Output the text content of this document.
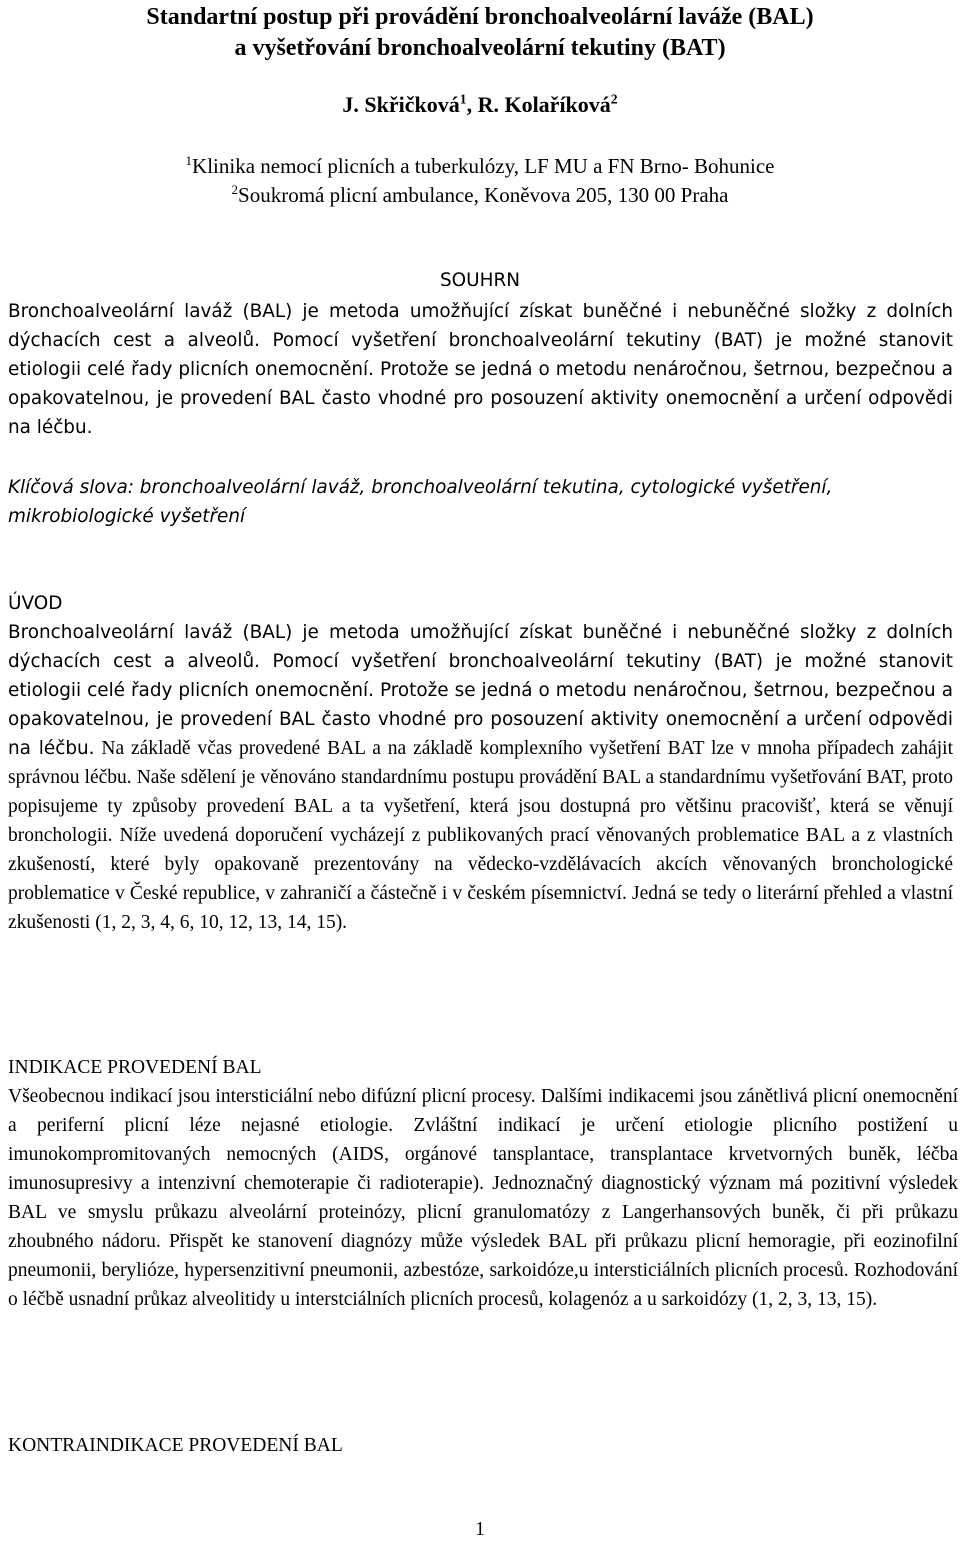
Standartní postup při provádění bronchoalveolární laváže (BAL)
a vyšetřování bronchoalveolární tekutiny (BAT)
J. Skřičková$^1$, R. Kolaříková$^2$
$^1$Klinika nemocí plicních a tuberkulózy, LF MU a FN Brno- Bohunice
$^2$Soukromá plicní ambulance, Koněvova 205, 130 00 Praha
SOUHRN

Bronchoalveolární laváž (BAL) je metoda umožňující získat buněčné i nebuněčné složky z dolních dýchacích cest a alveolů. Pomocí vyšetření bronchoalveolární tekutiny (BAT) je možné stanovit etiologii celé řady plicních onemocnění. Protože se jedná o metodu nenáročnou, šetrnou, bezpečnou a opakovatelnou, je provedení BAL často vhodné pro posouzení aktivity onemocnění a určení odpovědi na léčbu.

Klíčová slova: bronchoalveolární laváž, bronchoalveolární tekutina, cytologické vyšetření, mikrobiologické vyšetření

ÚVOD

Bronchoalveolární laváž (BAL) je metoda umožňující získat buněčné i nebuněčné složky z dolních dýchacích cest a alveolů. Pomocí vyšetření bronchoalveolární tekutiny (BAT) je možné stanovit etiologii celé řady plicních onemocnění. Protože se jedná o metodu nenáročnou, šetrnou, bezpečnou a opakovatelnou, je provedení BAL často vhodné pro posouzení aktivity onemocnění a určení odpovědi na léčbu. Na základě včas provedené BAL a na základě komplexního vyšetření BAT lze v mnoha případech zahájit správnou léčbu. Naše sdělení je věnováno standardnímu postupu provádění BAL a standardnímu vyšetřování BAT, proto popisujeme ty způsoby provedení BAL a ta vyšetření, která jsou dostupná pro většinu pracovišť, která se věnují bronchologii. Níže uvedená doporučení vycházejí z publikovaných prací věnovaných problematice BAL a z vlastních zkušeností, které byly opakovaně prezentovány na vědecko-vzdělávacích akcích věnovaných bronchologické problematice v České republice, v zahraničí a částečně i v českém písemnictví. Jedná se tedy o literární přehled a vlastní zkušenosti (1, 2, 3, 4, 6, 10, 12, 13, 14, 15).

INDIKACE PROVEDENÍ BAL

Všeobecnou indikací jsou intersticiální nebo difúzní plicní procesy. Dalšími indikacemi jsou zánětlivá plicní onemocnění a periferní plicní léze nejasné etiologie. Zvláštní indikací je určení etiologie plicního postižení u imunokompromitovaných nemocných (AIDS, orgánové tansplantace, transplantace krvetvorných buněk, léčba imunosupresivy a intenzivní chemoterapie či radioterapie). Jednoznačný diagnostický význam má pozitivní výsledek BAL ve smyslu průkazu alveolární proteinózy, plicní granulomatózy z Langerhansových buněk, či při průkazu zhoubného nádoru. Přispět ke stanovení diagnózy může výsledek BAL při průkazu plicní hemoragie, při eozinofilní pneumonii, berylióze, hypersenzitivní pneumonii, azbestóze, sarkoidóze,u intersticiálních plicních procesů. Rozhodování o léčbě usnadní průkaz alveolitidy u interstciálních plicních procesů, kolagenóz a u sarkoidózy (1, 2, 3, 13, 15).

KONTRAINDIKACE PROVEDENÍ BAL
1
